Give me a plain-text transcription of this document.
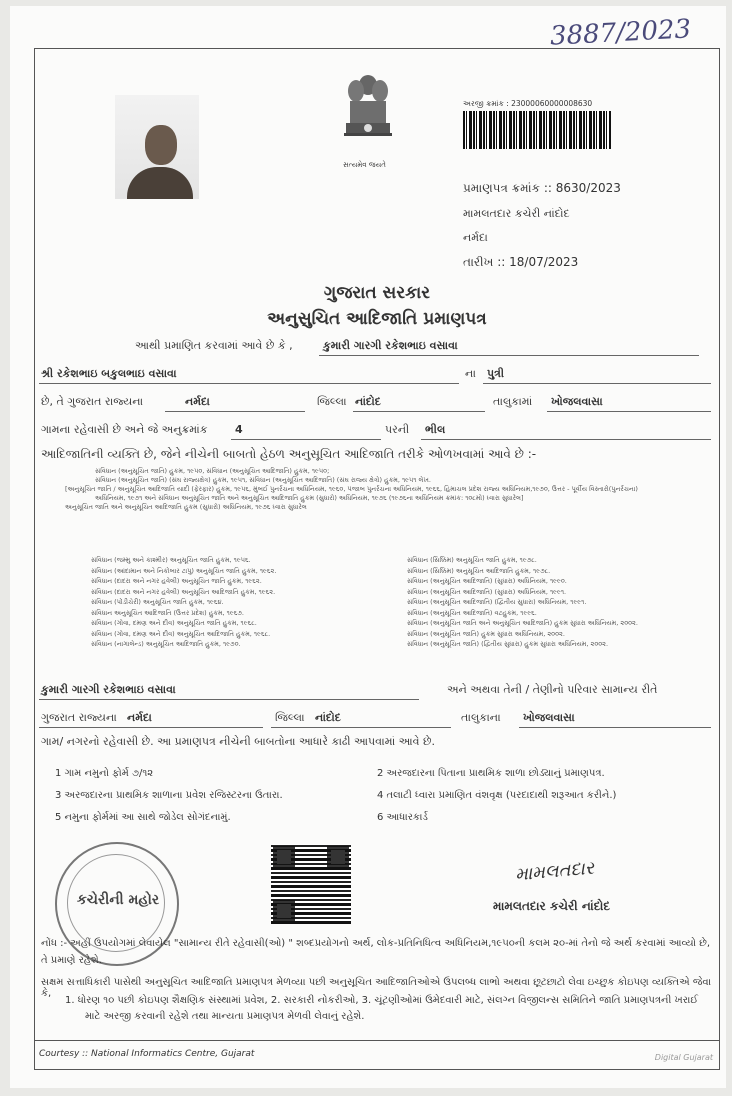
3887/2023
સત્યમેવ જયતે
અરજી ક્રમાંક : 23000060000008630
પ્રમાણપત્ર ક્રમાંક :: 8630/2023
મામલતદાર કચેરી નાંદોદ
નર્મદા
તારીખ :: 18/07/2023
ગુજરાત સરકાર
અનુસુચિત આદિજાતિ પ્રમાણપત્ર
આથી પ્રમાણિત કરવામાં આવે છે કે ,	કુમારી ગારગી રકેશભાઇ વસાવા
શ્રી રકેશભાઇ બકુલભાઇ વસાવા	ના પુત્રી
છે, તે ગુજરાત રાજ્યના	નર્મદા	જિલ્લા નાંદોદ	તાલુકામાં ખોજલવાસા
ગામના રહેવાસી છે અને જે અનુક્રમાંક	4	પરની ભીલ
આદિજાતિની વ્યક્તિ છે, જેને નીચેની બાબતો હેઠળ અનુસૂચિત આદિજાતિ તરીકે ઓળખવામાં આવે છે :-
સંવિધાન (અનુસૂચિત જાતિ) હુકમ, ૧૯૫૦, સંવિધાન (અનુસૂચિત આદિજાતિ) હુકમ, ૧૯૫૦;
સંવિધાન (અનુસૂચિત જાતિ) (સંઘ રાજ્યક્ષેત્ર) હુકમ, ૧૯૫૧, સંવિધાન (અનુસૂચિત આદિજાતિ) (સંઘ રાજ્ય ક્ષેત્રો) હુકમ, ૧૯૫૧ લેખ.
[અનુસૂચિત જાતિ / અનુસૂચિત આદિજાતિ યાદી (ફેરફાર) હુકમ, ૧૯૫૬, મુંબઈ પુનર્રચના અધિનિયમ, ૧૯૬૦, પંજાબ પુનર્રચના અધિનિયમ, ૧૯૬૬, હિમાચલ પ્રદેશ રાજ્ય અધિનિયમ,૧૯૭૦, ઉત્તર - પૂર્વીય વિસ્તારો(પુનર્રચના)
અધિનિયમ, ૧૯૭૧ અને સંવિધાન અનુસૂચિત જાતિ અને અનુસૂચિત આદિજાતિ હુકમ (સુધારો) અધિનિયમ, ૧૯૭૬ (૧૯૭૬ના અધિનિયમ ક્રમાંક: ૧૦૮મો) ધ્વારા સુધારેલ]
અનુસૂચિત જાતિ અને અનુસૂચિત આદિજાતિ હુકમ (સુધારો) અધિનિયમ, ૧૯૭૬ ધ્વારા સુધારેલ
સંવિધાન (જમ્મુ અને કાશ્મીર) અનુસૂચિત જાતિ હુકમ, ૧૯૫૬.
સંવિધાન (આંદામાન અને નિકોબાર ટાપુ) અનુસૂચિત જાતિ હુકમ, ૧૯૬૨.
સંવિધાન (દાદરા અને નગર હવેલી) અનુસૂચિત જાતિ હુકમ, ૧૯૬૨.
સંવિધાન (દાદરા અને નગર હવેલી) અનુસૂચિત આદિજાતિ હુકમ, ૧૯૬૨.
સંવિધાન (પોંડીચેરી) અનુસૂચિત જાતિ હુકમ, ૧૯૬૪.
સંવિધાન અનુસૂચિત આદિજાતિ (ઉત્તર પ્રદેશ) હુકમ, ૧૯૬૭.
સંવિધાન (ગોવા, દમણ અને દીવ) અનુસૂચિત જાતિ હુકમ, ૧૯૬૮.
સંવિધાન (ગોવા, દમણ અને દીવ) અનુસૂચિત આદિજાતિ હુકમ, ૧૯૬૮.
સંવિધાન (નાગાલેન્ડ) અનુસૂચિત આદિજાતિ હુકમ, ૧૯૭૦.
સંવિધાન (સિક્કિમ) અનુસૂચિત જાતિ હુકમ, ૧૯૭૮.
સંવિધાન (સિક્કિમ) અનુસૂચિત આદિજાતિ હુકમ, ૧૯૭૮.
સંવિધાન (અનુસૂચિત આદિજાતિ) (સુધારા) અધિનિયમ, ૧૯૯૦.
સંવિધાન (અનુસૂચિત આદિજાતિ) (સુધારા) અધિનિયમ, ૧૯૯૧.
સંવિધાન (અનુસૂચિત આદિજાતિ) (દ્વિતીય સુધારા) અધિનિયમ, ૧૯૯૧.
સંવિધાન (અનુસૂચિત આદિજાતિ) વટહુકમ, ૧૯૯૬.
સંવિધાન (અનુસૂચિત જાતિ અને અનુસૂચિત આદિજાતિ) હુકમ સુધારા અધિનિયમ, ૨૦૦૨.
સંવિધાન (અનુસૂચિત જાતિ) હુકમ સુધારા અધિનિયમ, ૨૦૦૨.
સંવિધાન (અનુસૂચિત જાતિ) (દ્વિતીય સુધારા) હુકમ સુધારા અધિનિયમ, ૨૦૦૨.
કુમારી ગારગી રકેશભાઇ વસાવા	અને અથવા તેની / તેણીનો પરિવાર સામાન્ય રીતે
ગુજરાત રાજ્યના નર્મદા	જિલ્લા નાંદોદ	તાલુકાના ખોજલવાસા
ગામ/ નગરનો રહેવાસી છે. આ પ્રમાણપત્ર નીચેની બાબતોના આધારે કાઢી આપવામાં આવે છે.
1 ગામ નમુનો ફોર્મ ૭/૧૨
3 અરજદારના પ્રાથમિક શાળાના પ્રવેશ રજિસ્ટરના ઉતારા.
5 નમુના ફોર્મમાં આ સાથે જોડેલ સોગંદનામું.
2 અરજદારના પિતાના પ્રાથમિક શાળા છોડ્યાનું પ્રમાણપત્ર.
4 તલાટી ધ્વારા પ્રમાણિત વંશવૃક્ષ (પરદાદાથી શરૂઆત કરીને.)
6 આધારકાર્ડ
કચેરીની મહોર
મામલતદાર
મામલતદાર કચેરી નાંદોદ
નોંધ :- અહીં ઉપયોગમાં લેવાયેલ "સામાન્ય રીતે રહેવાસી(ઓ) " શબ્દપ્રયોગનો અર્થ, લોક-પ્રતિનિધિત્વ અધિનિયમ,૧૯૫૦ની કલમ ૨૦-માં તેનો જે અર્થ કરવામાં આવ્યો છે, તે પ્રમાણે રહેશે.
સક્ષમ સત્તાધિકારી પાસેથી અનુસૂચિત આદિજાતિ પ્રમાણપત્ર મેળવ્યા પછી અનુસૂચિત આદિજાતિઓએ ઉપલબ્ધ લાભો અથવા છૂટછાટો લેવા ઇચ્છુક કોઇપણ વ્યક્તિએ જેવા કે,
1. ધોરણ ૧૦ પછી કોઇપણ શૈક્ષણિક સંસ્થામાં પ્રવેશ, 2. સરકારી નોકરીઓ, 3. ચૂંટણીઓમાં ઉમેદવારી માટે, સંલગ્ન વિજીલન્સ સમિતિને જાતિ પ્રમાણપત્રની ખરાઈ
માટે અરજી કરવાની રહેશે તથા માન્યતા પ્રમાણપત્ર મેળવી લેવાનું રહેશે.
Courtesy :: National Informatics Centre, Gujarat	Digital Gujarat
